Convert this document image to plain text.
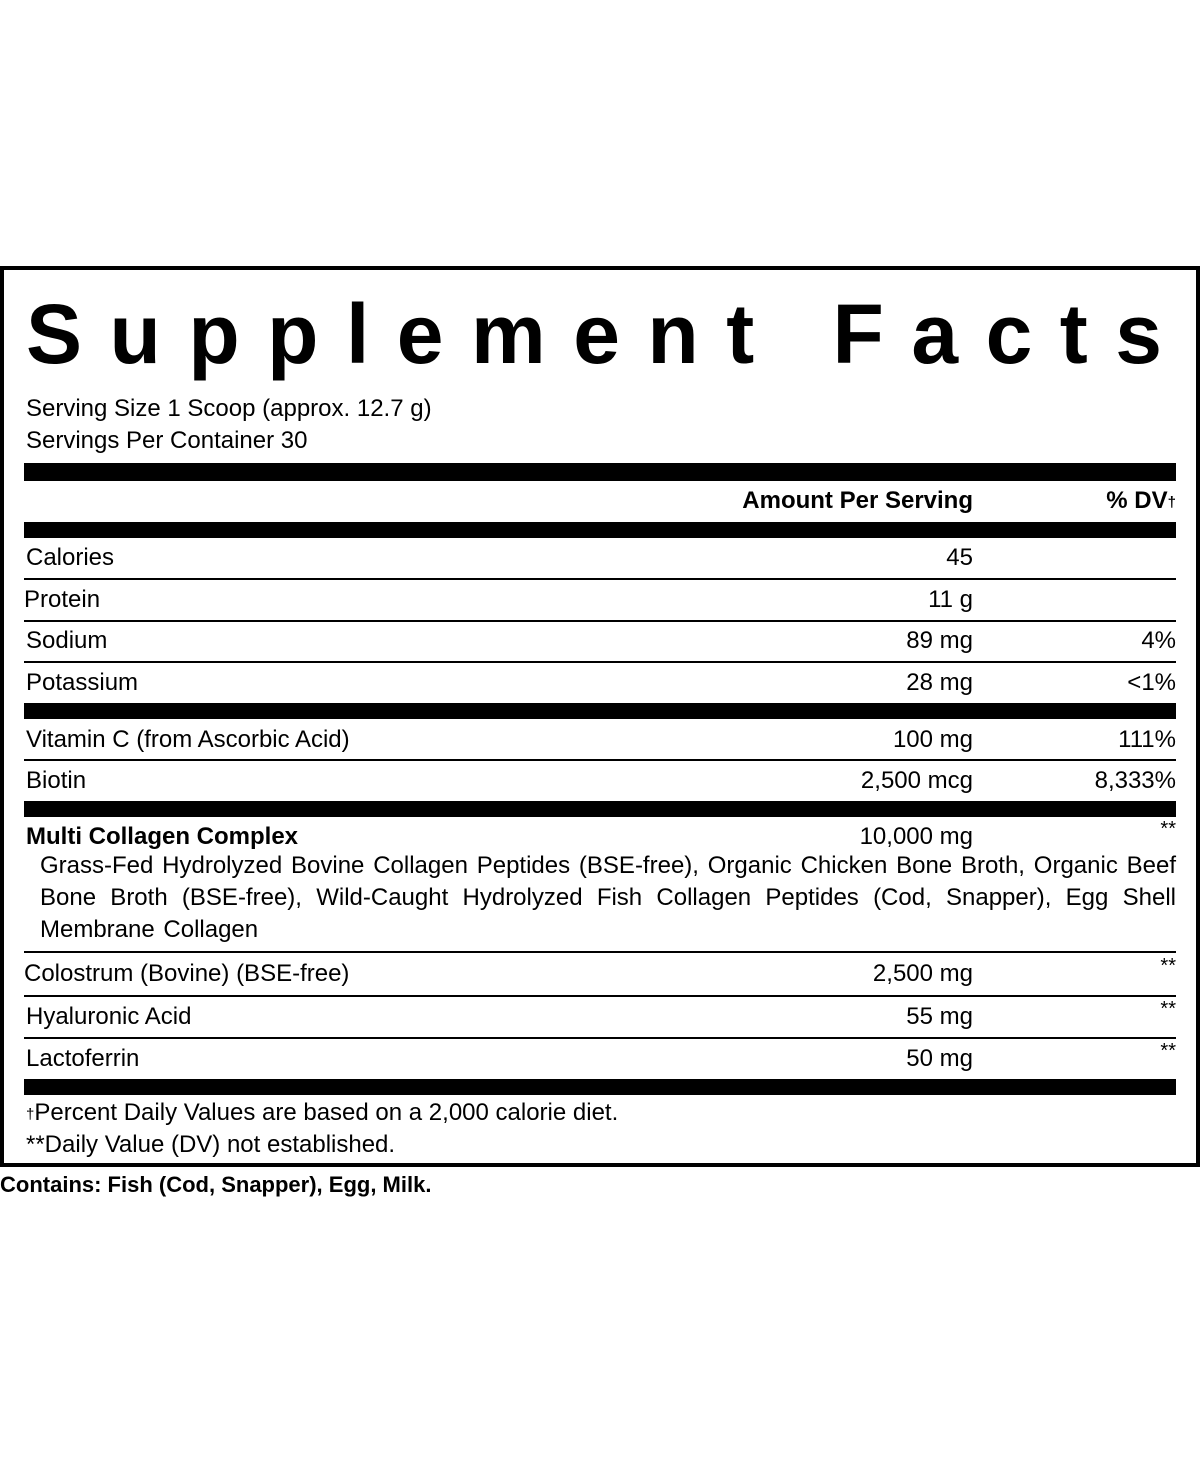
Supplement Facts
Serving Size 1 Scoop (approx. 12.7 g)
Servings Per Container 30
Amount Per Serving	% DV†
Calories	45
Protein	11 g
Sodium	89 mg	4%
Potassium	28 mg	<1%
Vitamin C (from Ascorbic Acid)	100 mg	111%
Biotin	2,500 mcg	8,333%
Multi Collagen Complex	10,000 mg	**
Grass-Fed Hydrolyzed Bovine Collagen Peptides (BSE-free), Organic Chicken Bone Broth, Organic Beef Bone Broth (BSE-free), Wild-Caught Hydrolyzed Fish Collagen Peptides (Cod, Snapper), Egg Shell Membrane Collagen
Colostrum (Bovine) (BSE-free)	2,500 mg	**
Hyaluronic Acid	55 mg	**
Lactoferrin	50 mg	**
†Percent Daily Values are based on a 2,000 calorie diet.
**Daily Value (DV) not established.
Contains: Fish (Cod, Snapper), Egg, Milk.
